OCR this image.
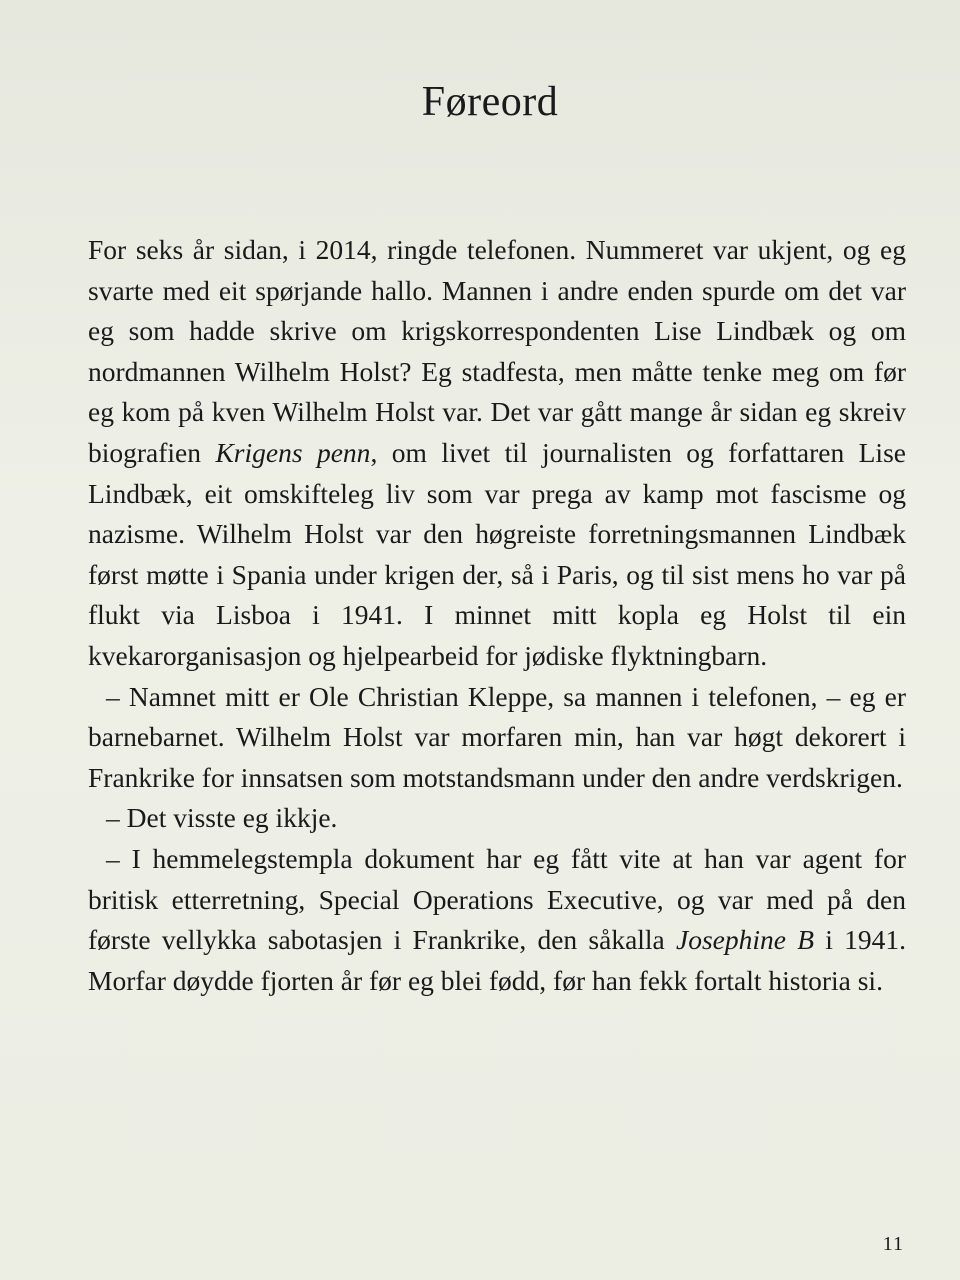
Føreord

For seks år sidan, i 2014, ringde telefonen. Nummeret var ukjent, og eg svarte med eit spørjande hallo. Mannen i andre enden spurde om det var eg som hadde skrive om krigskorrespondenten Lise Lindbæk og om nordmannen Wilhelm Holst? Eg stadfesta, men måtte tenke meg om før eg kom på kven Wilhelm Holst var. Det var gått mange år sidan eg skreiv biografien Krigens penn, om livet til journalisten og forfattaren Lise Lindbæk, eit omskifteleg liv som var prega av kamp mot fascisme og nazisme. Wilhelm Holst var den høgreiste forretningsmannen Lindbæk først møtte i Spania under krigen der, så i Paris, og til sist mens ho var på flukt via Lisboa i 1941. I minnet mitt kopla eg Holst til ein kvekarorganisasjon og hjelpearbeid for jødiske flyktningbarn.

– Namnet mitt er Ole Christian Kleppe, sa mannen i telefonen, – eg er barnebarnet. Wilhelm Holst var morfaren min, han var høgt dekorert i Frankrike for innsatsen som motstandsmann under den andre verdskrigen.

– Det visste eg ikkje.

– I hemmelegstempla dokument har eg fått vite at han var agent for britisk etterretning, Special Operations Executive, og var med på den første vellykka sabotasjen i Frankrike, den såkalla Josephine B i 1941. Morfar døydde fjorten år før eg blei fødd, før han fekk fortalt historia si.

11
